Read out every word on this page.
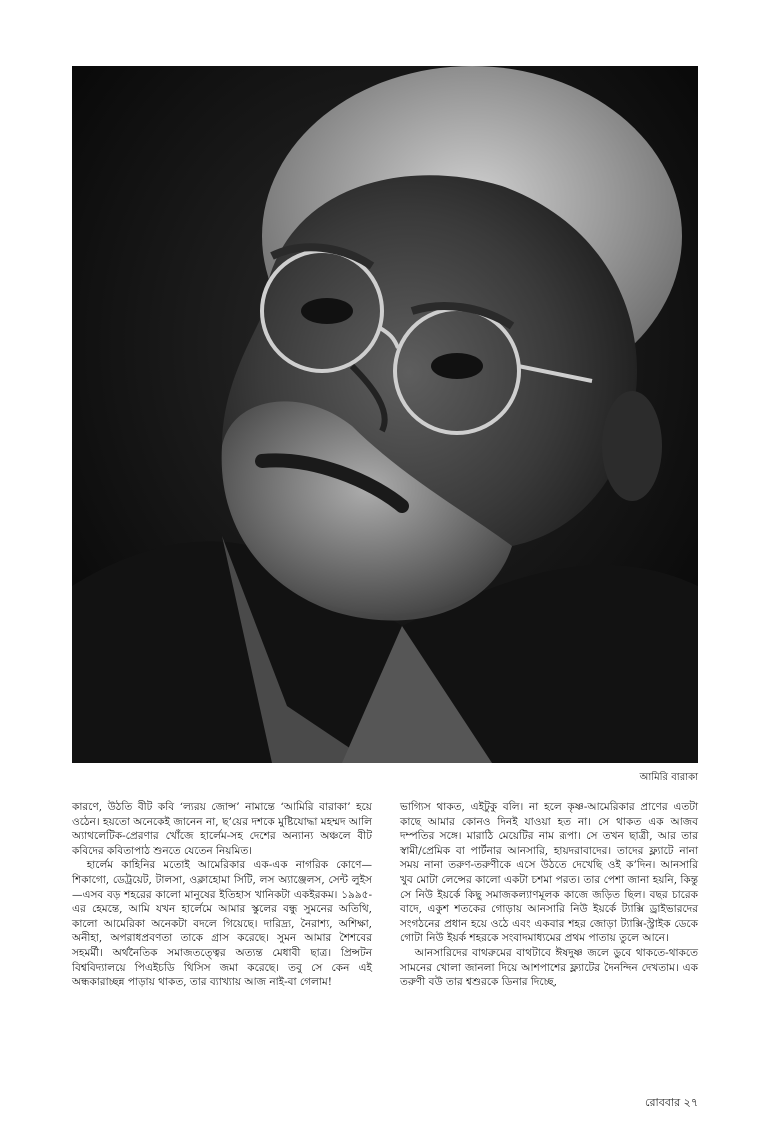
আমিরি বারাকা

কারণে, উঠতি বীট কবি ‘ল্যরয় জোন্স’ নামান্তে ‘আমিরি বারাকা’ হয়ে ওঠেন। হয়তো অনেকেই জানেন না, ছ’য়ের দশকে মুষ্টিযোদ্ধা মহম্মদ আলি অ্যাথলেটিক-প্রেরণার খোঁজে হার্লেম-সহ দেশের অন্যান্য অঞ্চলে বীট কবিদের কবিতাপাঠ শুনতে যেতেন নিয়মিত।

হার্লেম কাহিনির মতোই আমেরিকার এক-এক নাগরিক কোণে—শিকাগো, ডেট্রয়েট, টালসা, ওক্লাহোমা সিটি, লস অ্যাঞ্জেলস, সেন্ট লুইস—এসব বড় শহরের কালো মানুষের ইতিহাস খানিকটা একইরকম। ১৯৯৫-এর হেমন্তে, আমি যখন হার্লেমে আমার স্কুলের বন্ধু সুমনের অতিথি, কালো আমেরিকা অনেকটা বদলে গিয়েছে। দারিদ্র্য, নৈরাশ্য, অশিক্ষা, অনীহা, অপরাধপ্রবণতা তাকে গ্রাস করেছে। সুমন আমার শৈশবের সহমর্মী। অর্থনৈতিক সমাজতত্ত্বের অত্যন্ত মেধাবী ছাত্র। প্রিন্সটন বিশ্ববিদ্যালয়ে পিএইচডি থিসিস জমা করেছে। তবু সে কেন এই অন্ধকারাচ্ছন্ন পাড়ায় থাকত, তার ব্যাখ্যায় আজ নাই-বা গেলাম!

ভাগ্যিস থাকত, এইটুকু বলি। না হলে কৃষ্ণ-আমেরিকার প্রাণের এতটা কাছে আমার কোনও দিনই যাওয়া হত না। সে থাকত এক আজব দম্পতির সঙ্গে। মারাঠি মেয়েটির নাম রূপা। সে তখন ছাত্রী, আর তার স্বামী/প্রেমিক বা পার্টনার আনসারি, হায়দরাবাদের। তাদের ফ্ল্যাটে নানা সময় নানা তরুণ-তরুণীকে এসে উঠতে দেখেছি ওই ক’দিন। আনসারি খুব মোটা লেন্সের কালো একটা চশমা পরত। তার পেশা জানা হয়নি, কিন্তু সে নিউ ইয়র্কে কিছু সমাজকল্যাণমূলক কাজে জড়িত ছিল। বছর চারেক বাদে, একুশ শতকের গোড়ায় আনসারি নিউ ইয়র্কে ট্যাক্সি ড্রাইভারদের সংগঠনের প্রধান হয়ে ওঠে এবং একবার শহর জোড়া ট্যাক্সি-স্ট্রাইক ডেকে গোটা নিউ ইয়র্ক শহরকে সংবাদমাধ্যমের প্রথম পাতায় তুলে আনে।

আনসারিদের বাথরুমের বাথটাবে ঈষদুষ্ণ জলে ডুবে থাকতে-থাকতে সামনের খোলা জানলা দিয়ে আশপাশের ফ্ল্যাটের দৈনন্দিন দেখতাম। এক তরুণী বউ তার শ্বশুরকে ডিনার দিচ্ছে,

রোববার ২৭
